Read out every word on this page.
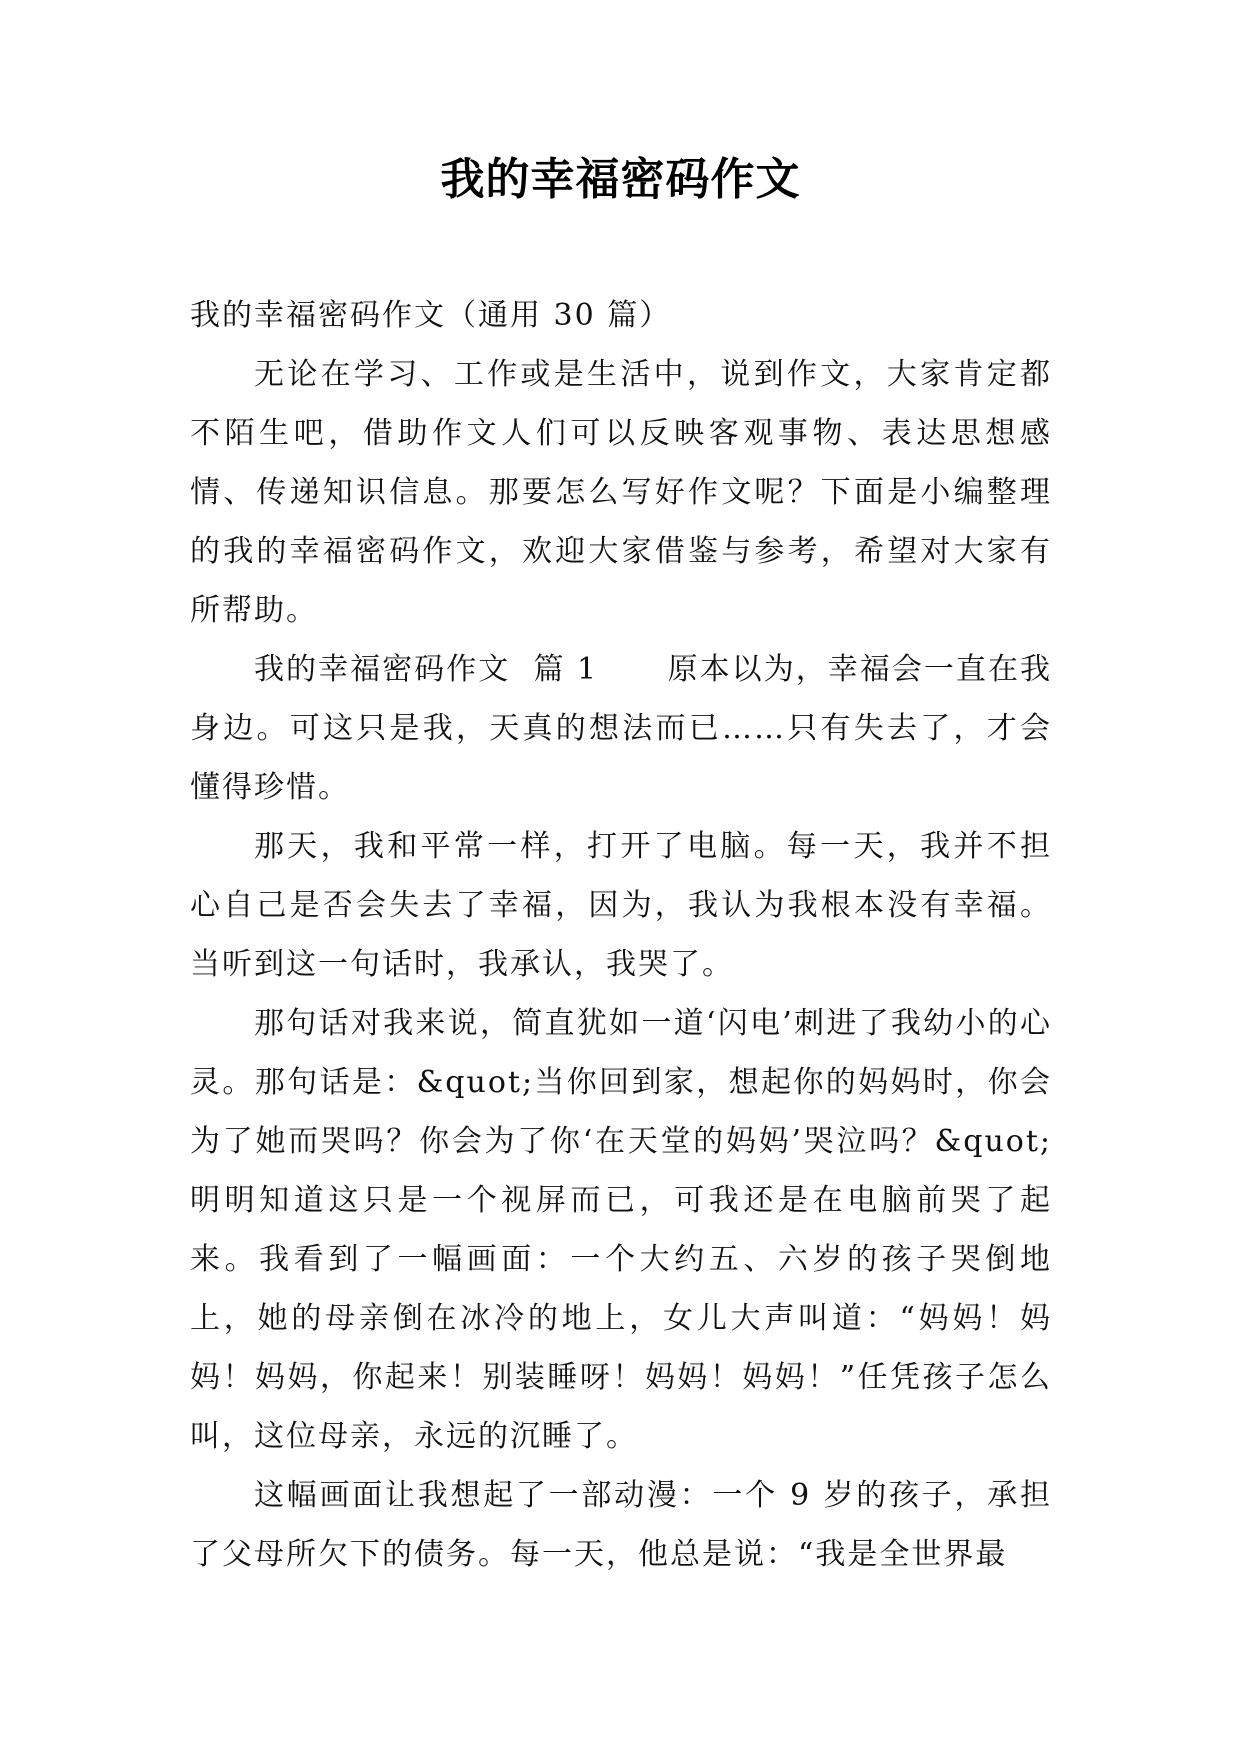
我的幸福密码作文

我的幸福密码作文（通用 30 篇）

无论在学习、工作或是生活中，说到作文，大家肯定都不陌生吧，借助作文人们可以反映客观事物、表达思想感情、传递知识信息。那要怎么写好作文呢？下面是小编整理的我的幸福密码作文，欢迎大家借鉴与参考，希望对大家有所帮助。

我的幸福密码作文  篇 1      原本以为，幸福会一直在我身边。可这只是我，天真的想法而已……只有失去了，才会懂得珍惜。

那天，我和平常一样，打开了电脑。每一天，我并不担心自己是否会失去了幸福，因为，我认为我根本没有幸福。当听到这一句话时，我承认，我哭了。

那句话对我来说，简直犹如一道‘闪电’刺进了我幼小的心灵。那句话是：&quot;当你回到家，想起你的妈妈时，你会为了她而哭吗？你会为了你‘在天堂的妈妈’哭泣吗？&quot;明明知道这只是一个视屏而已，可我还是在电脑前哭了起来。我看到了一幅画面：一个大约五、六岁的孩子哭倒地上，她的母亲倒在冰冷的地上，女儿大声叫道：“妈妈！妈妈！妈妈，你起来！别装睡呀！妈妈！妈妈！”任凭孩子怎么叫，这位母亲，永远的沉睡了。

这幅画面让我想起了一部动漫：一个 9 岁的孩子，承担了父母所欠下的债务。每一天，他总是说：“我是全世界最
